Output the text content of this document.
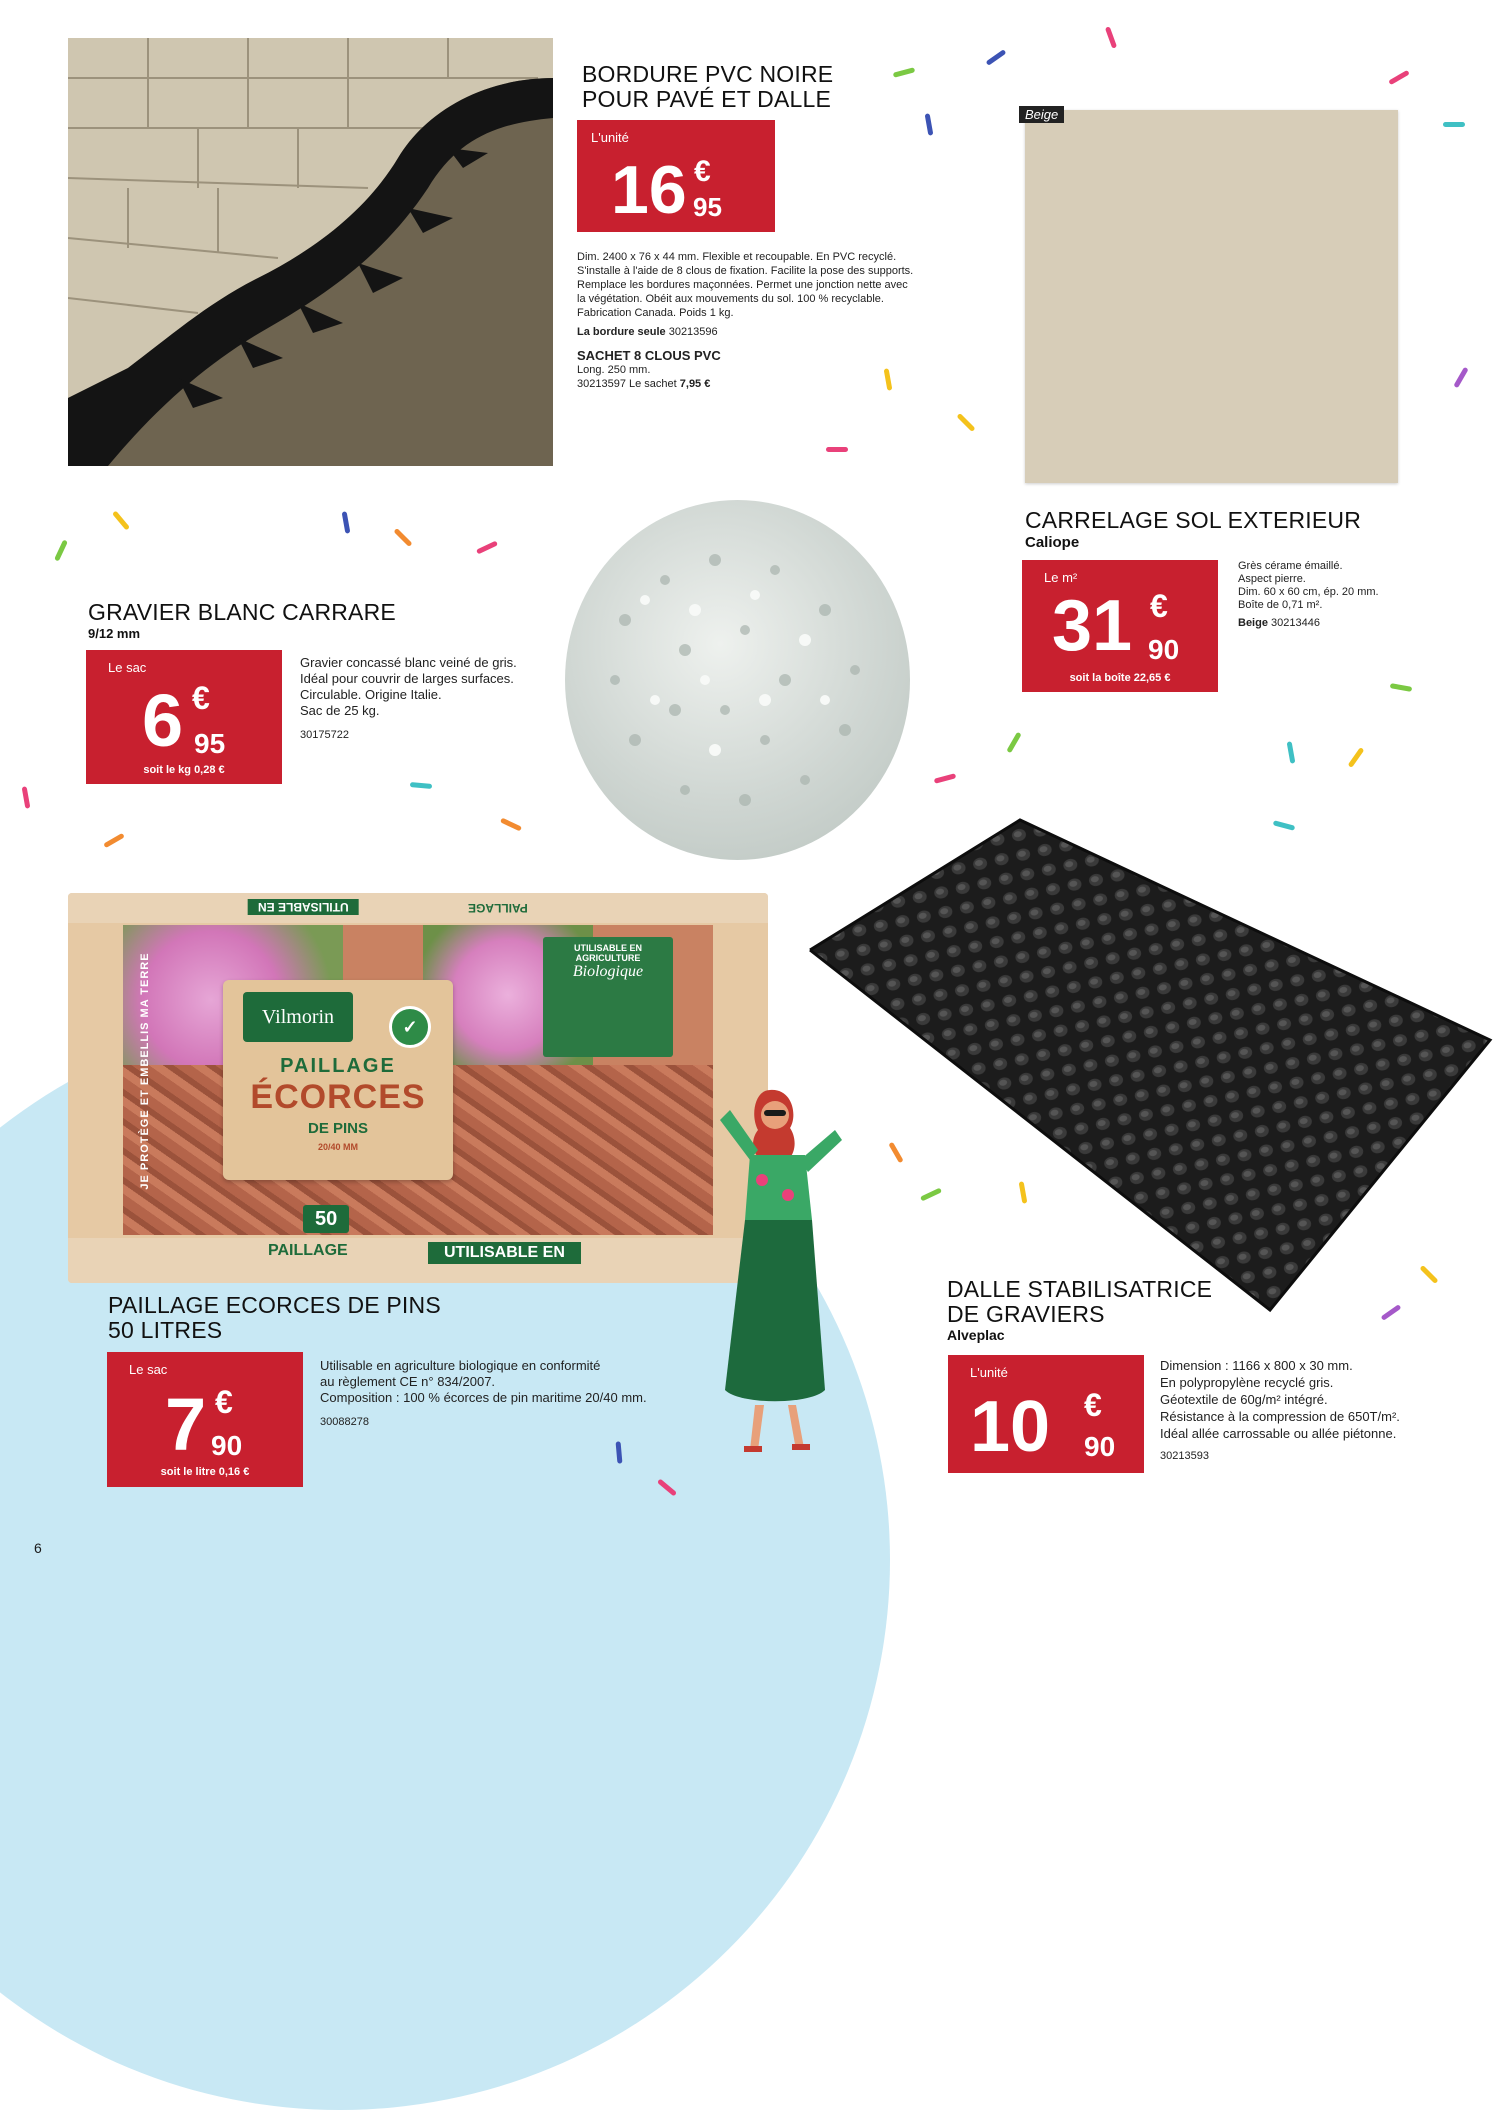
BORDURE PVC NOIRE
POUR PAVÉ ET DALLE
L'unité
16 €
95
Dim. 2400 x 76 x 44 mm. Flexible et recoupable. En PVC recyclé.
S'installe à l'aide de 8 clous de fixation. Facilite la pose des supports.
Remplace les bordures maçonnées. Permet une jonction nette avec
la végétation. Obéit aux mouvements du sol. 100 % recyclable.
Fabrication Canada. Poids 1 kg.
La bordure seule 30213596
SACHET 8 CLOUS PVC
Long. 250 mm.
30213597 Le sachet 7,95 €
Beige
CARRELAGE SOL EXTERIEUR
Caliope
Le m²
31 €
90
soit la boîte 22,65 €
Grès cérame émaillé.
Aspect pierre.
Dim. 60 x 60 cm, ép. 20 mm.
Boîte de 0,71 m².
Beige 30213446
GRAVIER BLANC CARRARE
9/12 mm
Le sac
6 €
95
soit le kg 0,28 €
Gravier concassé blanc veiné de gris.
Idéal pour couvrir de larges surfaces.
Circulable. Origine Italie.
Sac de 25 kg.
30175722
UTILISABLE EN	PAILLAGE
JE PROTÈGE ET EMBELLIS MA TERRE	Vilmorin	✓
PAILLAGE
ÉCORCES
DE PINS
20/40 MM
UTILISABLE EN AGRICULTURE
Biologique
50
PAILLAGE	UTILISABLE EN
PAILLAGE ECORCES DE PINS
50 LITRES
Le sac
7 €
90
soit le litre 0,16 €
Utilisable en agriculture biologique en conformité
au règlement CE n° 834/2007.
Composition : 100 % écorces de pin maritime 20/40 mm.
30088278
DALLE STABILISATRICE
DE GRAVIERS
Alveplac
L'unité
10 €
90
Dimension : 1166 x 800 x 30 mm.
En polypropylène recyclé gris.
Géotextile de 60g/m² intégré.
Résistance à la compression de 650T/m².
Idéal allée carrossable ou allée piétonne.
30213593
6
